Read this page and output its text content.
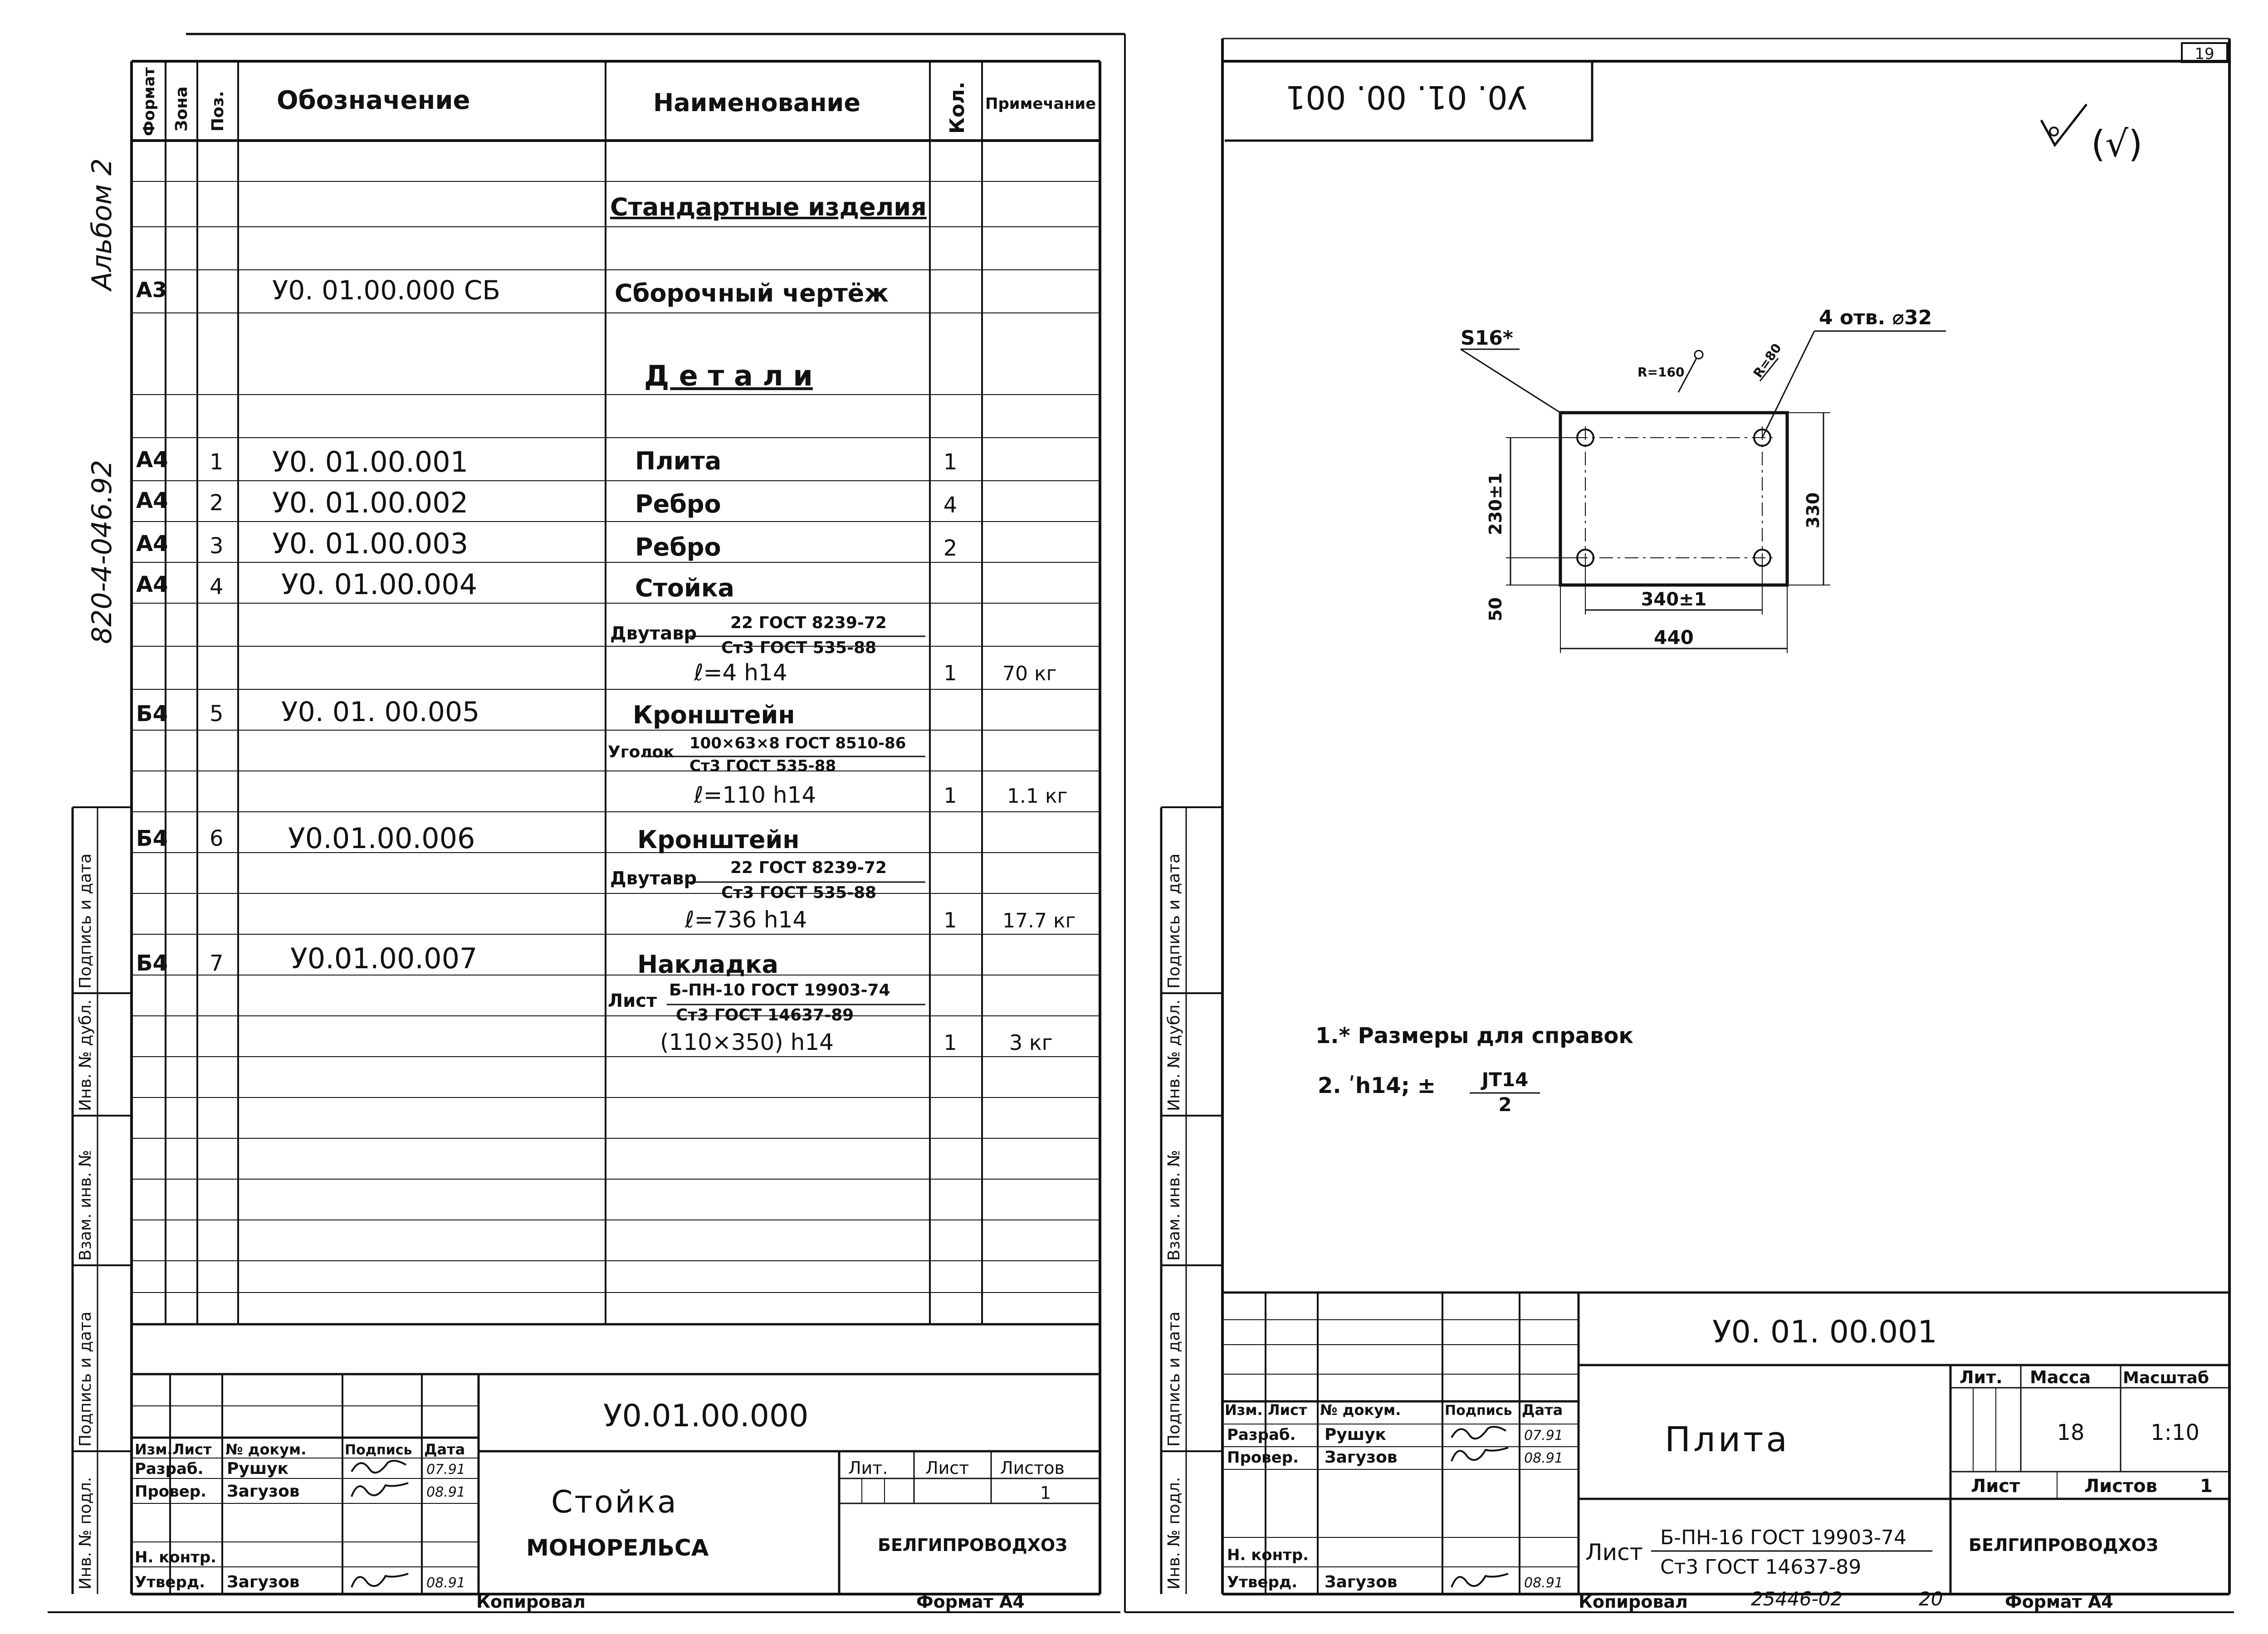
19
Альбом 2
820-4-046.92
Подпись и дата
Инв. № дубл.
Взам. инв. №
Подпись и дата
Инв. № подл.
Подпись и дата
Инв. № дубл.
Взам. инв. №
Подпись и дата
Инв. № подл.
Формат Зона Поз. Обозначение	Наименование	Кол. Примечание
Стандартные изделия
А3	У0. 01.00.000 СБ	Сборочный чертёж
Д е т а л и
А4 1 У0. 01.00.001	Плита	1
А4 2 У0. 01.00.002	Ребро	4
А4 3 У0. 01.00.003	Ребро	2
А4 4 У0. 01.00.004	Стойка
Двутавр
22 ГОСТ 8239-72
Ст3 ГОСТ 535-88
ℓ=4 h14	1 70 кг
Б4 5 У0. 01. 00.005	Кронштейн
Уголок 100×63×8 ГОСТ 8510-86
Ст3 ГОСТ 535-88
ℓ=110 h14	1	1.1 кг
Б4 6 У0.01.00.006	Кронштейн
Двутавр
22 ГОСТ 8239-72
Ст3 ГОСТ 535-88
ℓ=736 h14	1 17.7 кг
Б4 7 У0.01.00.007	Накладка
Лист
Б-ПН-10 ГОСТ 19903-74
Ст3 ГОСТ 14637-89
(110×350) h14	1	3 кг
У0.01.00.000
Стойка
МОНОРЕЛЬСА
Лит. Лист Листов
1
БЕЛГИПРОВОДХОЗ
Изм. Лист № докум.	Подпись Дата
Разраб. Рушук	07.91
Провер. Загузов	08.91
Н. контр.
Утверд. Загузов	08.91
Копировал	Формат А4
У0. 01. 00. 001
(√)
S16*
4 отв. ⌀32
R=160	R=80
230±1	330
340±1
440
50
1.* Размеры для справок
2. ʹh14; ± JT14
2
У0. 01. 00.001
Плита
Лит. Масса Масштаб
18	1:10
Лист	Листов 1
Лист
Б-ПН-16 ГОСТ 19903-74
Ст3 ГОСТ 14637-89
БЕЛГИПРОВОДХОЗ
Изм. Лист № докум.	Подпись Дата
Разраб. Рушук	07.91
Провер. Загузов	08.91
Н. контр.
Утверд. Загузов	08.91
Копировал	25446-02	20	Формат А4
